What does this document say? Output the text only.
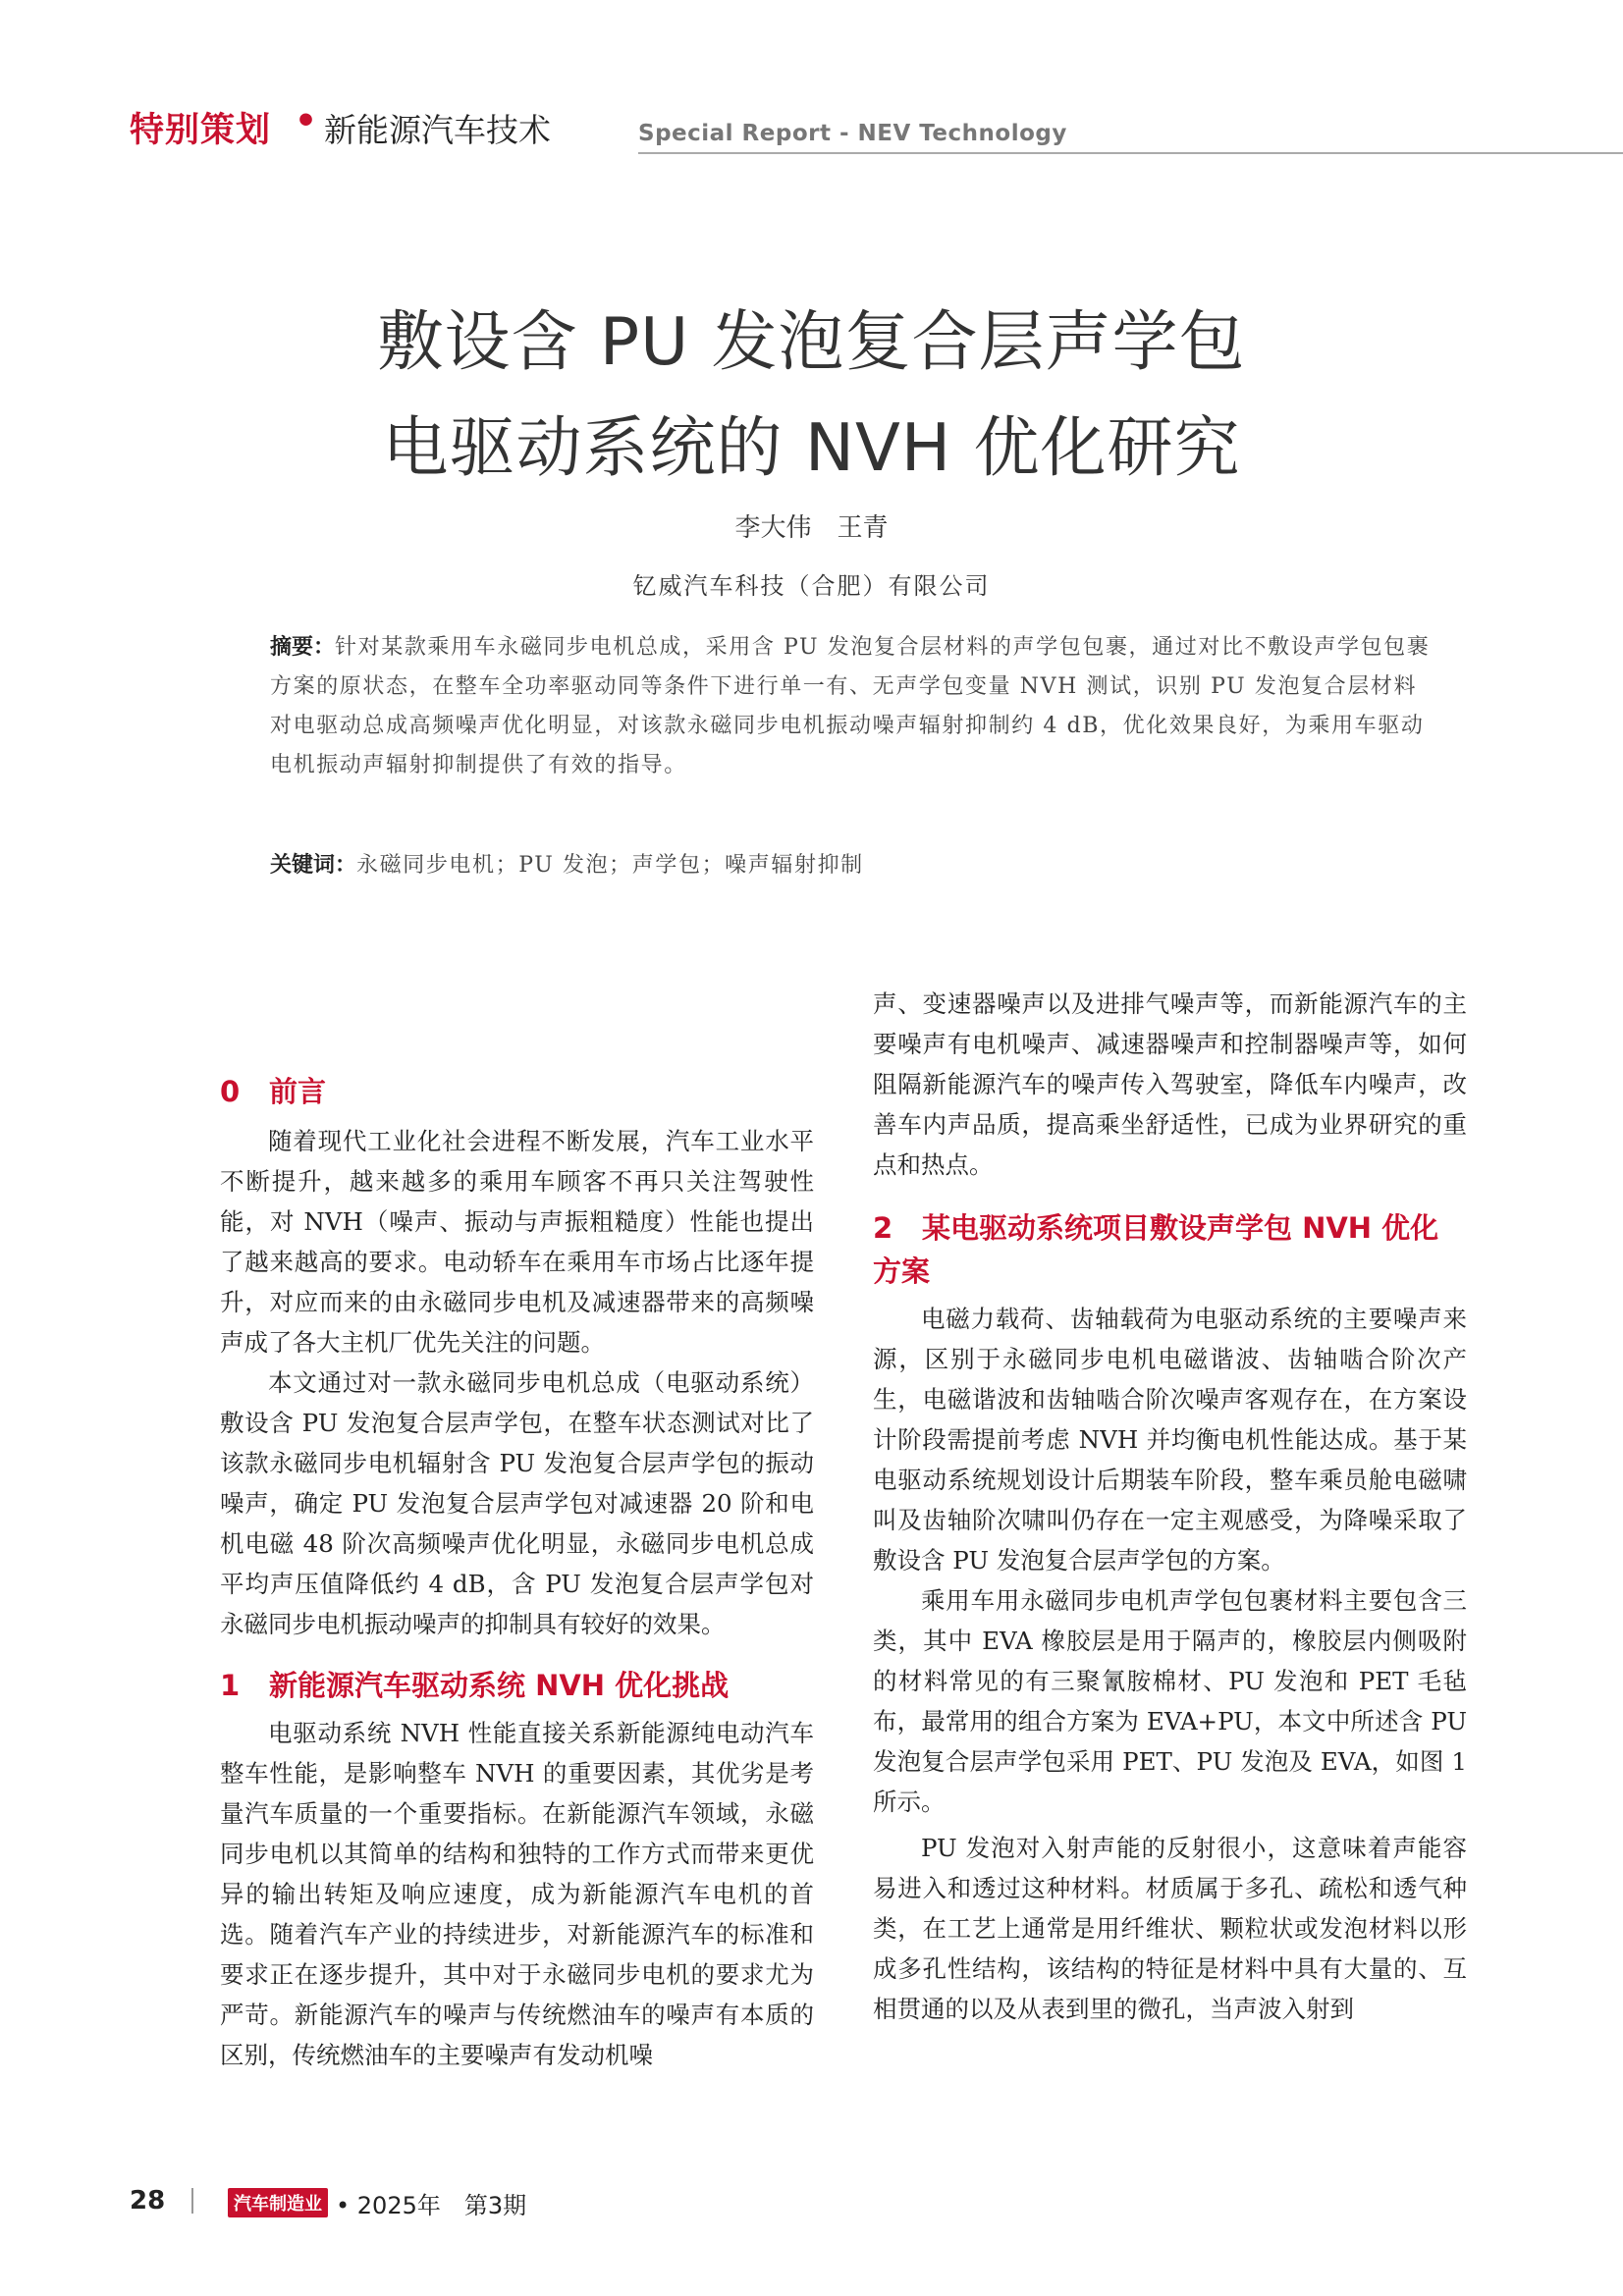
特别策划 • 新能源汽车技术	Special Report - NEV Technology
敷设含 PU 发泡复合层声学包
电驱动系统的 NVH 优化研究
李大伟　王青
钇威汽车科技（合肥）有限公司
摘要：针对某款乘用车永磁同步电机总成，采用含 PU 发泡复合层材料的声学包包裹，通过对比不敷设声学包包裹方案的原状态，在整车全功率驱动同等条件下进行单一有、无声学包变量 NVH 测试，识别 PU 发泡复合层材料对电驱动总成高频噪声优化明显，对该款永磁同步电机振动噪声辐射抑制约 4 dB，优化效果良好，为乘用车驱动电机振动声辐射抑制提供了有效的指导。
关键词：永磁同步电机；PU 发泡；声学包；噪声辐射抑制
0 前言

随着现代工业化社会进程不断发展，汽车工业水平不断提升，越来越多的乘用车顾客不再只关注驾驶性能，对 NVH（噪声、振动与声振粗糙度）性能也提出了越来越高的要求。电动轿车在乘用车市场占比逐年提升，对应而来的由永磁同步电机及减速器带来的高频噪声成了各大主机厂优先关注的问题。

本文通过对一款永磁同步电机总成（电驱动系统）敷设含 PU 发泡复合层声学包，在整车状态测试对比了该款永磁同步电机辐射含 PU 发泡复合层声学包的振动噪声，确定 PU 发泡复合层声学包对减速器 20 阶和电机电磁 48 阶次高频噪声优化明显，永磁同步电机总成平均声压值降低约 4 dB，含 PU 发泡复合层声学包对永磁同步电机振动噪声的抑制具有较好的效果。

1 新能源汽车驱动系统 NVH 优化挑战

电驱动系统 NVH 性能直接关系新能源纯电动汽车整车性能，是影响整车 NVH 的重要因素，其优劣是考量汽车质量的一个重要指标。在新能源汽车领域，永磁同步电机以其简单的结构和独特的工作方式而带来更优异的输出转矩及响应速度，成为新能源汽车电机的首选。随着汽车产业的持续进步，对新能源汽车的标准和要求正在逐步提升，其中对于永磁同步电机的要求尤为严苛。新能源汽车的噪声与传统燃油车的噪声有本质的区别，传统燃油车的主要噪声有发动机噪

声、变速器噪声以及进排气噪声等，而新能源汽车的主要噪声有电机噪声、减速器噪声和控制器噪声等，如何阻隔新能源汽车的噪声传入驾驶室，降低车内噪声，改善车内声品质，提高乘坐舒适性，已成为业界研究的重点和热点。

2 某电驱动系统项目敷设声学包 NVH 优化方案

电磁力载荷、齿轴载荷为电驱动系统的主要噪声来源，区别于永磁同步电机电磁谐波、齿轴啮合阶次产生，电磁谐波和齿轴啮合阶次噪声客观存在，在方案设计阶段需提前考虑 NVH 并均衡电机性能达成。基于某电驱动系统规划设计后期装车阶段，整车乘员舱电磁啸叫及齿轴阶次啸叫仍存在一定主观感受，为降噪采取了敷设含 PU 发泡复合层声学包的方案。

乘用车用永磁同步电机声学包包裹材料主要包含三类，其中 EVA 橡胶层是用于隔声的，橡胶层内侧吸附的材料常见的有三聚氰胺棉材、PU 发泡和 PET 毛毡布，最常用的组合方案为 EVA+PU，本文中所述含 PU 发泡复合层声学包采用 PET、PU 发泡及 EVA，如图 1 所示。

PU 发泡对入射声能的反射很小，这意味着声能容易进入和透过这种材料。材质属于多孔、疏松和透气种类，在工艺上通常是用纤维状、颗粒状或发泡材料以形成多孔性结构，该结构的特征是材料中具有大量的、互相贯通的以及从表到里的微孔，当声波入射到

28	汽车制造业 • 2025年　第3期
